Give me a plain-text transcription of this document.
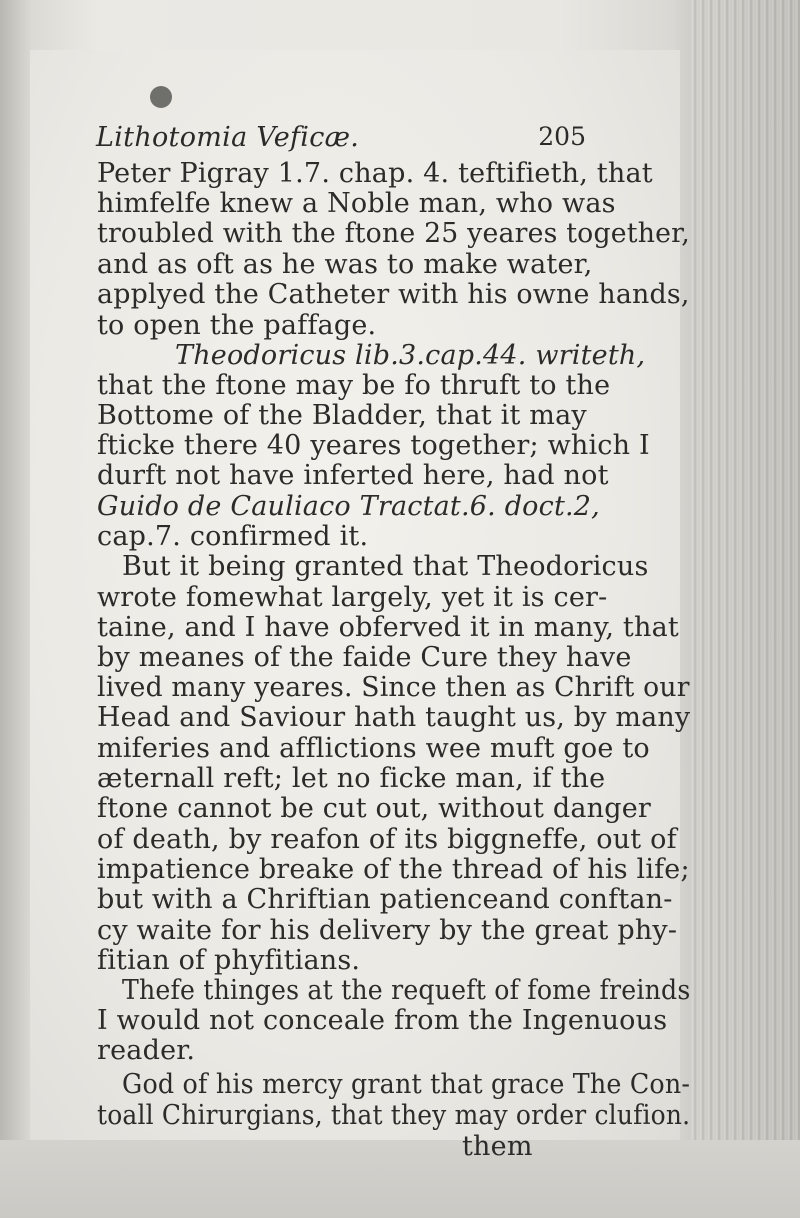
Lithotomia Veficæ.	205
Peter Pigray 1.7. chap. 4. teftifieth, that
himfelfe knew a Noble man, who was
troubled with the ftone 25 yeares together,
and as oft as he was to make water,
applyed the Catheter with his owne hands,
to open the paffage.
Theodoricus lib.3.cap.44. writeth,
that the ftone may be fo thruft to the
Bottome of the Bladder, that it may
fticke there 40 yeares together; which I
durft not have inferted here, had not
Guido de Cauliaco Tractat.6. doct.2,
cap.7. confirmed it.
But it being granted that Theodoricus
wrote fomewhat largely, yet it is cer-
taine, and I have obferved it in many, that
by meanes of the faide Cure they have
lived many yeares. Since then as Chrift our
Head and Saviour hath taught us, by many
miferies and afflictions wee muft goe to
æternall reft; let no ficke man, if the
ftone cannot be cut out, without danger
of death, by reafon of its biggneffe, out of
impatience breake of the thread of his life;
but with a Chriftian patienceand conftan-
cy waite for his delivery by the great phy-
fitian of phyfitians.
Thefe thinges at the requeft of fome freinds
I would not conceale from the Ingenuous
reader.
God of his mercy grant that grace The Con-
toall Chirurgians, that they may order clufion.
them
